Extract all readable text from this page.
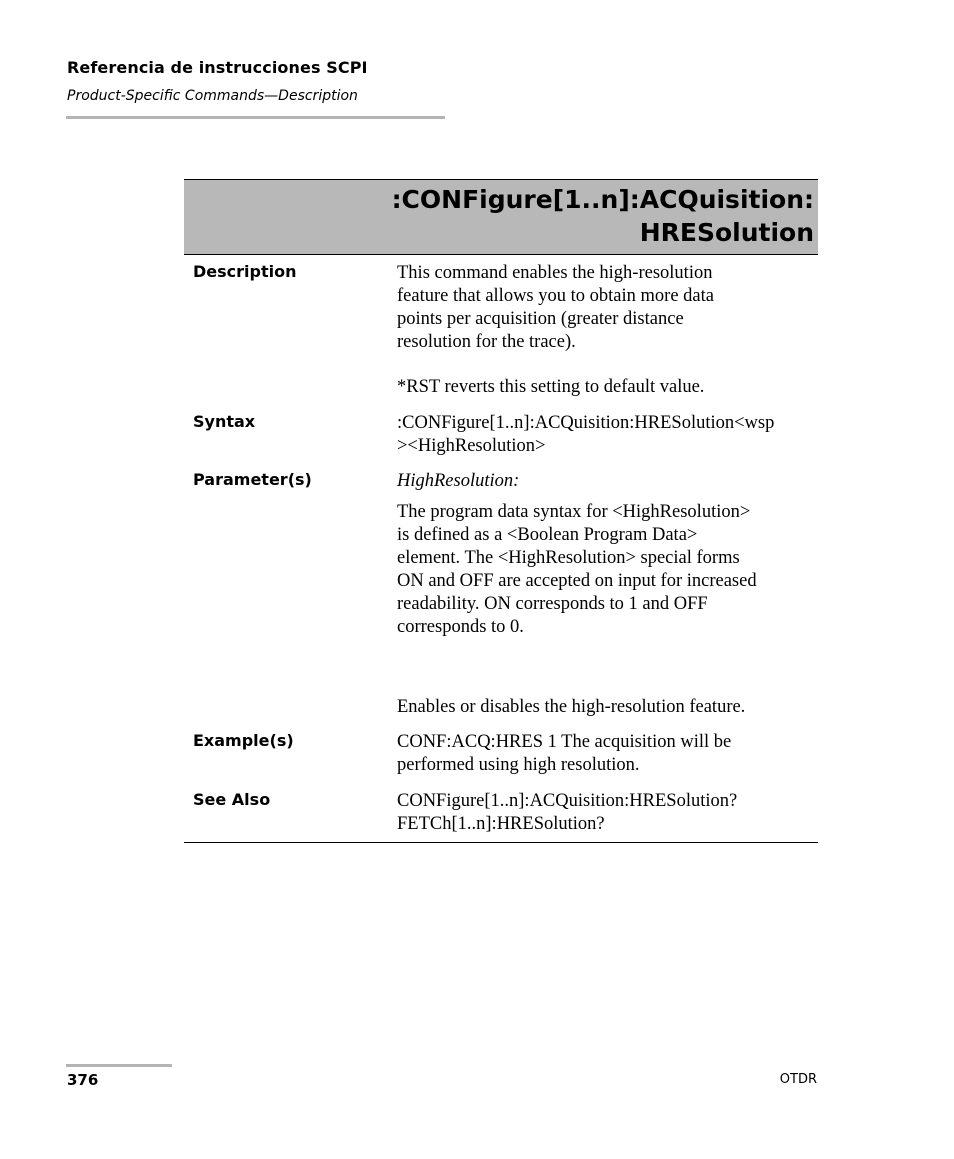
Referencia de instrucciones SCPI
Product-Specific Commands—Description
:CONFigure[1..n]:ACQuisition:
HRESolution
Description	This command enables the high-resolution
feature that allows you to obtain more data
points per acquisition (greater distance
resolution for the trace).
*RST reverts this setting to default value.
Syntax	:CONFigure[1..n]:ACQuisition:HRESolution<wsp
><HighResolution>
Parameter(s)	HighResolution:
The program data syntax for <HighResolution>
is defined as a <Boolean Program Data>
element. The <HighResolution> special forms
ON and OFF are accepted on input for increased
readability. ON corresponds to 1 and OFF
corresponds to 0.
Enables or disables the high-resolution feature.
Example(s)	CONF:ACQ:HRES 1 The acquisition will be
performed using high resolution.
See Also	CONFigure[1..n]:ACQuisition:HRESolution?
FETCh[1..n]:HRESolution?
376	OTDR
